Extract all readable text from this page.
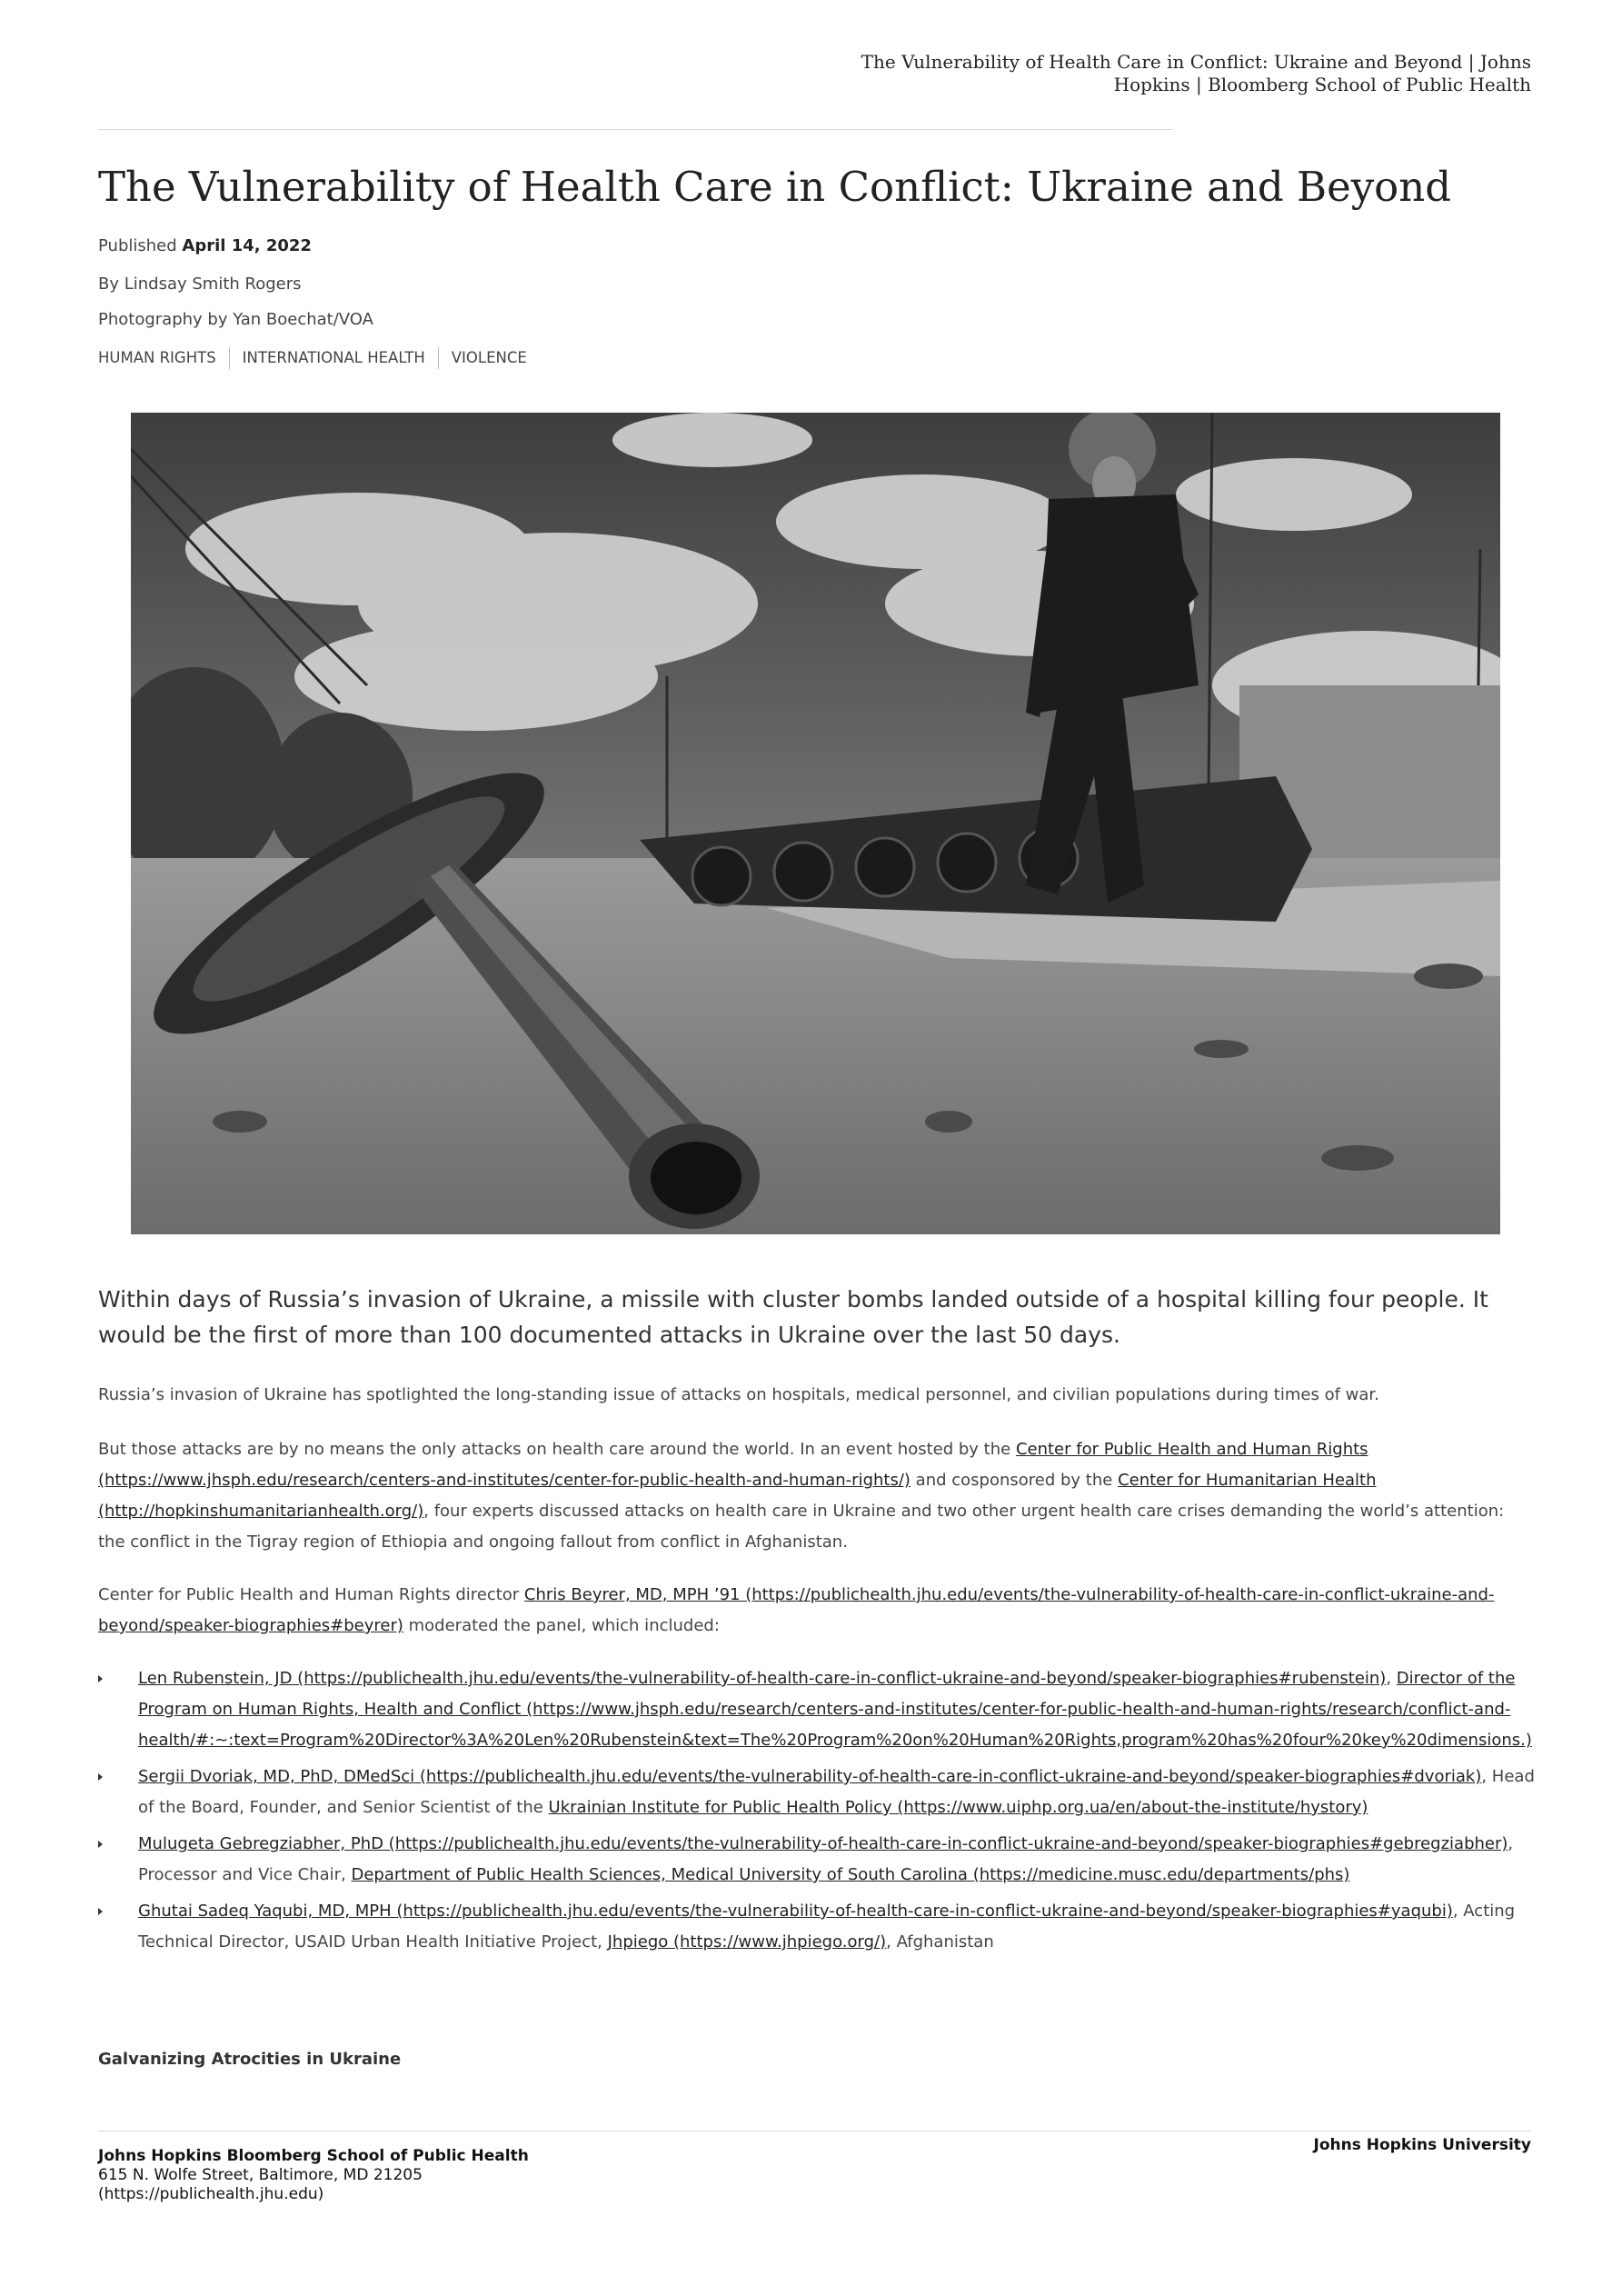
The Vulnerability of Health Care in Conflict: Ukraine and Beyond | Johns
Hopkins | Bloomberg School of Public Health
The Vulnerability of Health Care in Conflict: Ukraine and Beyond
Published April 14, 2022
By Lindsay Smith Rogers
Photography by Yan Boechat/VOA
HUMAN RIGHTS	INTERNATIONAL HEALTH	VIOLENCE

Within days of Russia’s invasion of Ukraine, a missile with cluster bombs landed outside of a hospital killing four people. It would be the first of more than 100 documented attacks in Ukraine over the last 50 days.

Russia’s invasion of Ukraine has spotlighted the long-standing issue of attacks on hospitals, medical personnel, and civilian populations during times of war.

But those attacks are by no means the only attacks on health care around the world. In an event hosted by the Center for Public Health and Human Rights (https://www.jhsph.edu/research/centers-and-institutes/center-for-public-health-and-human-rights/) and cosponsored by the Center for Humanitarian Health (http://hopkinshumanitarianhealth.org/), four experts discussed attacks on health care in Ukraine and two other urgent health care crises demanding the world’s attention: the conflict in the Tigray region of Ethiopia and ongoing fallout from conflict in Afghanistan.

Center for Public Health and Human Rights director Chris Beyrer, MD, MPH ’91 (https://publichealth.jhu.edu/events/the-vulnerability-of-health-care-in-conflict-ukraine-and-beyond/speaker-biographies#beyrer) moderated the panel, which included:

Len Rubenstein, JD (https://publichealth.jhu.edu/events/the-vulnerability-of-health-care-in-conflict-ukraine-and-beyond/speaker-biographies#rubenstein), Director of the Program on Human Rights, Health and Conflict (https://www.jhsph.edu/research/centers-and-institutes/center-for-public-health-and-human-rights/research/conflict-and-health/#:~:text=Program%20Director%3A%20Len%20Rubenstein&text=The%20Program%20on%20Human%20Rights,program%20has%20four%20key%20dimensions.)
Sergii Dvoriak, MD, PhD, DMedSci (https://publichealth.jhu.edu/events/the-vulnerability-of-health-care-in-conflict-ukraine-and-beyond/speaker-biographies#dvoriak), Head of the Board, Founder, and Senior Scientist of the Ukrainian Institute for Public Health Policy (https://www.uiphp.org.ua/en/about-the-institute/hystory)
Mulugeta Gebregziabher, PhD (https://publichealth.jhu.edu/events/the-vulnerability-of-health-care-in-conflict-ukraine-and-beyond/speaker-biographies#gebregziabher), Processor and Vice Chair, Department of Public Health Sciences, Medical University of South Carolina (https://medicine.musc.edu/departments/phs)
Ghutai Sadeq Yaqubi, MD, MPH (https://publichealth.jhu.edu/events/the-vulnerability-of-health-care-in-conflict-ukraine-and-beyond/speaker-biographies#yaqubi), Acting Technical Director, USAID Urban Health Initiative Project, Jhpiego (https://www.jhpiego.org/), Afghanistan
Galvanizing Atrocities in Ukraine
Johns Hopkins Bloomberg School of Public Health
615 N. Wolfe Street, Baltimore, MD 21205
(https://publichealth.jhu.edu)
Johns Hopkins University
